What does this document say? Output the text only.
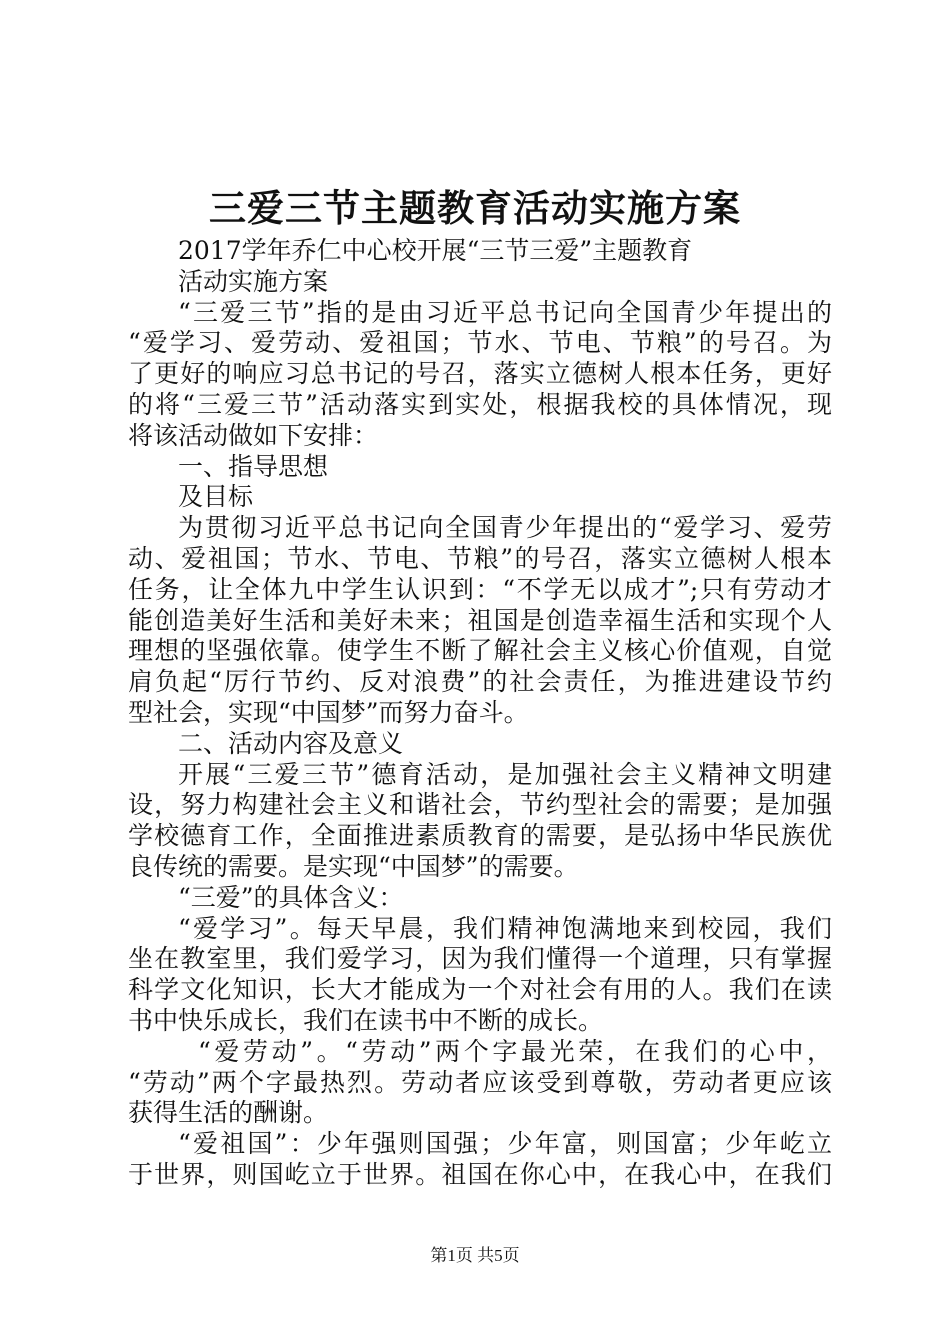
三爱三节主题教育活动实施方案
2017学年乔仁中心校开展“三节三爱”主题教育
活动实施方案
“三爱三节”指的是由习近平总书记向全国青少年提出的
“爱学习、爱劳动、爱祖国；节水、节电、节粮”的号召。为
了更好的响应习总书记的号召，落实立德树人根本任务，更好
的将“三爱三节”活动落实到实处，根据我校的具体情况，现
将该活动做如下安排：
一、指导思想
及目标
为贯彻习近平总书记向全国青少年提出的“爱学习、爱劳
动、爱祖国；节水、节电、节粮”的号召，落实立德树人根本
任务，让全体九中学生认识到：“不学无以成才”;只有劳动才
能创造美好生活和美好未来；祖国是创造幸福生活和实现个人
理想的坚强依靠。使学生不断了解社会主义核心价值观，自觉
肩负起“厉行节约、反对浪费”的社会责任，为推进建设节约
型社会，实现“中国梦”而努力奋斗。
二、活动内容及意义
开展“三爱三节”德育活动，是加强社会主义精神文明建
设，努力构建社会主义和谐社会，节约型社会的需要；是加强
学校德育工作，全面推进素质教育的需要，是弘扬中华民族优
良传统的需要。是实现“中国梦”的需要。
“三爱”的具体含义：
“爱学习”。每天早晨，我们精神饱满地来到校园，我们
坐在教室里，我们爱学习，因为我们懂得一个道理，只有掌握
科学文化知识，长大才能成为一个对社会有用的人。我们在读
书中快乐成长，我们在读书中不断的成长。
“爱劳动”。“劳动”两个字最光荣，在我们的心中，
“劳动”两个字最热烈。劳动者应该受到尊敬，劳动者更应该
获得生活的酬谢。
“爱祖国”：少年强则国强；少年富，则国富；少年屹立
于世界，则国屹立于世界。祖国在你心中，在我心中，在我们
第1页 共5页
